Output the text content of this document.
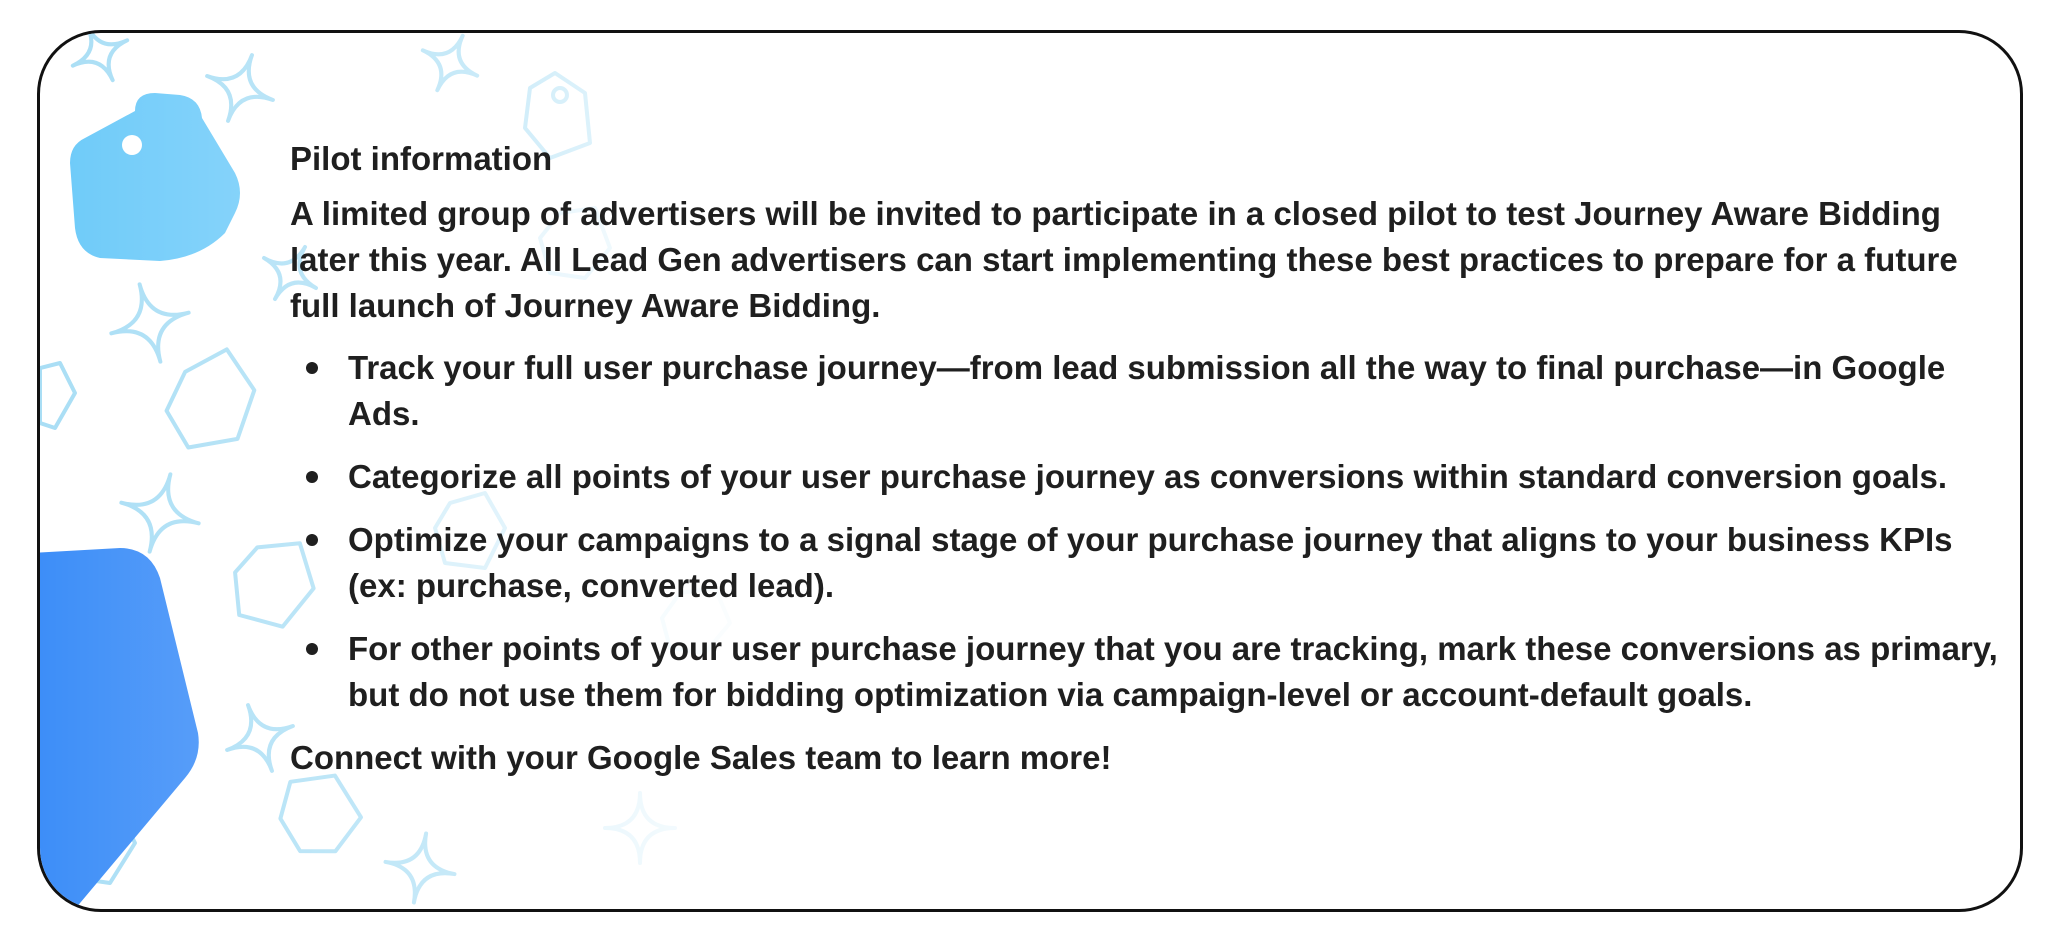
Pilot information

A limited group of advertisers will be invited to participate in a closed pilot to test Journey Aware Bidding later this year. All Lead Gen advertisers can start implementing these best practices to prepare for a future full launch of Journey Aware Bidding.

Track your full user purchase journey—from lead submission all the way to final purchase—in Google Ads.
Categorize all points of your user purchase journey as conversions within standard conversion goals.
Optimize your campaigns to a signal stage of your purchase journey that aligns to your business KPIs (ex: purchase, converted lead).
For other points of your user purchase journey that you are tracking, mark these conversions as primary, but do not use them for bidding optimization via campaign-level or account-default goals.

Connect with your Google Sales team to learn more!
